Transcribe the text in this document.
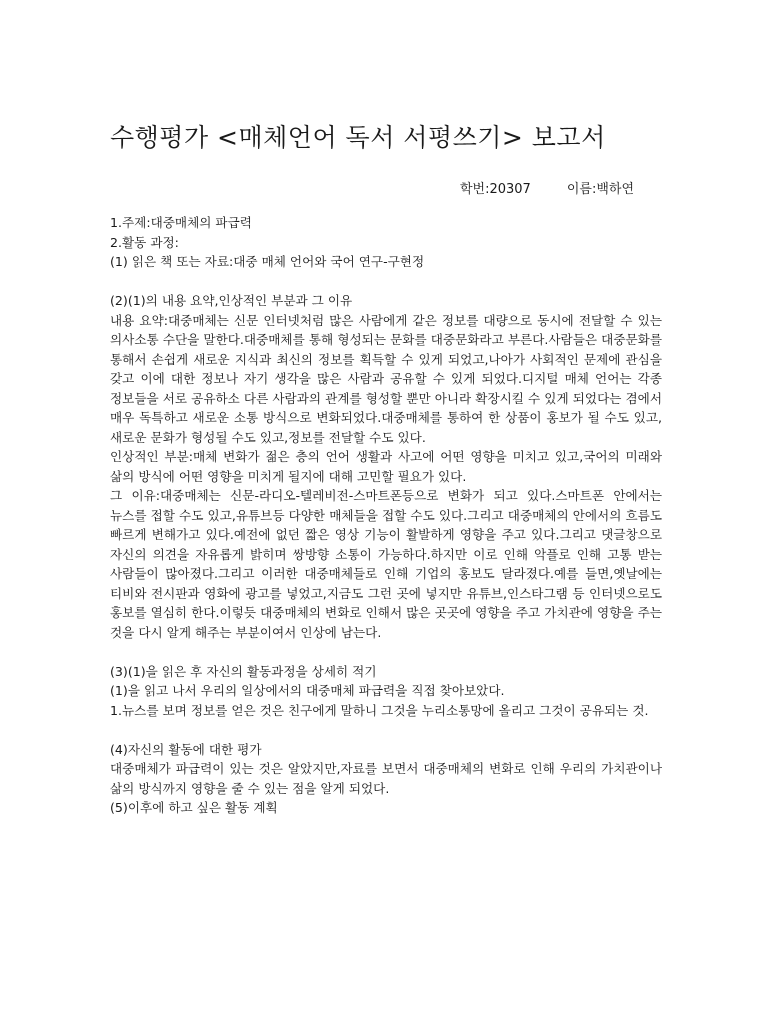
수행평가 <매체언어 독서 서평쓰기> 보고서
학번:20307	이름:백하연
1.주제:대중매체의 파급력
2.활동 과정:
(1) 읽은 책 또는 자료:대중 매체 언어와 국어 연구-구현정
(2)(1)의 내용 요약,인상적인 부분과 그 이유

내용 요약:대중매체는 신문 인터넷처럼 많은 사람에게 같은 정보를 대량으로 동시에 전달할 수 있는 의사소통 수단을 말한다.대중매체를 통해 형성되는 문화를 대중문화라고 부른다.사람들은 대중문화를 통해서 손쉽게 새로운 지식과 최신의 정보를 획득할 수 있게 되었고,나아가 사회적인 문제에 관심을 갖고 이에 대한 정보나 자기 생각을 많은 사람과 공유할 수 있게 되었다.디지털 매체 언어는 각종 정보들을 서로 공유하소 다른 사람과의 관계를 형성할 뿐만 아니라 확장시킬 수 있게 되었다는 겸에서 매우 독특하고 새로운 소통 방식으로 변화되었다.대중매체를 통하여 한 상품이 홍보가 될 수도 있고,새로운 문화가 형성될 수도 있고,정보를 전달할 수도 있다.

인상적인 부분:매체 변화가 젊은 층의 언어 생활과 사고에 어떤 영향을 미치고 있고,국어의 미래와 삶의 방식에 어떤 영향을 미치게 될지에 대해 고민할 필요가 있다.

그 이유:대중매체는 신문-라디오-텔레비전-스마트폰등으로 변화가 되고 있다.스마트폰 안에서는 뉴스를 접할 수도 있고,유튜브등 다양한 매체들을 접할 수도 있다.그리고 대중매체의 안에서의 흐름도 빠르게 변해가고 있다.예전에 없던 짧은 영상 기능이 활발하게 영향을 주고 있다.그리고 댓글창으로 자신의 의견을 자유롭게 밝히며 쌍방향 소통이 가능하다.하지만 이로 인해 악플로 인해 고통 받는 사람들이 많아졌다.그리고 이러한 대중매체들로 인해 기업의 홍보도 달라졌다.예를 들면,옛날에는 티비와 전시판과 영화에 광고를 넣었고,지금도 그런 곳에 넣지만 유튜브,인스타그램 등 인터넷으로도 홍보를 열심히 한다.이렇듯 대중매체의 변화로 인해서 많은 곳곳에 영향을 주고 가치관에 영향을 주는 것을 다시 알게 해주는 부분이여서 인상에 남는다.

(3)(1)을 읽은 후 자신의 활동과정을 상세히 적기

(1)을 읽고 나서 우리의 일상에서의 대중매체 파급력을 직접 찾아보았다.

1.뉴스를 보며 정보를 얻은 것은 친구에게 말하니 그것을 누리소통망에 올리고 그것이 공유되는 것.

(4)자신의 활동에 대한 평가

대중매체가 파급력이 있는 것은 알았지만,자료를 보면서 대중매체의 변화로 인해 우리의 가치관이나 삶의 방식까지 영향을 줄 수 있는 점을 알게 되었다.

(5)이후에 하고 싶은 활동 계획
